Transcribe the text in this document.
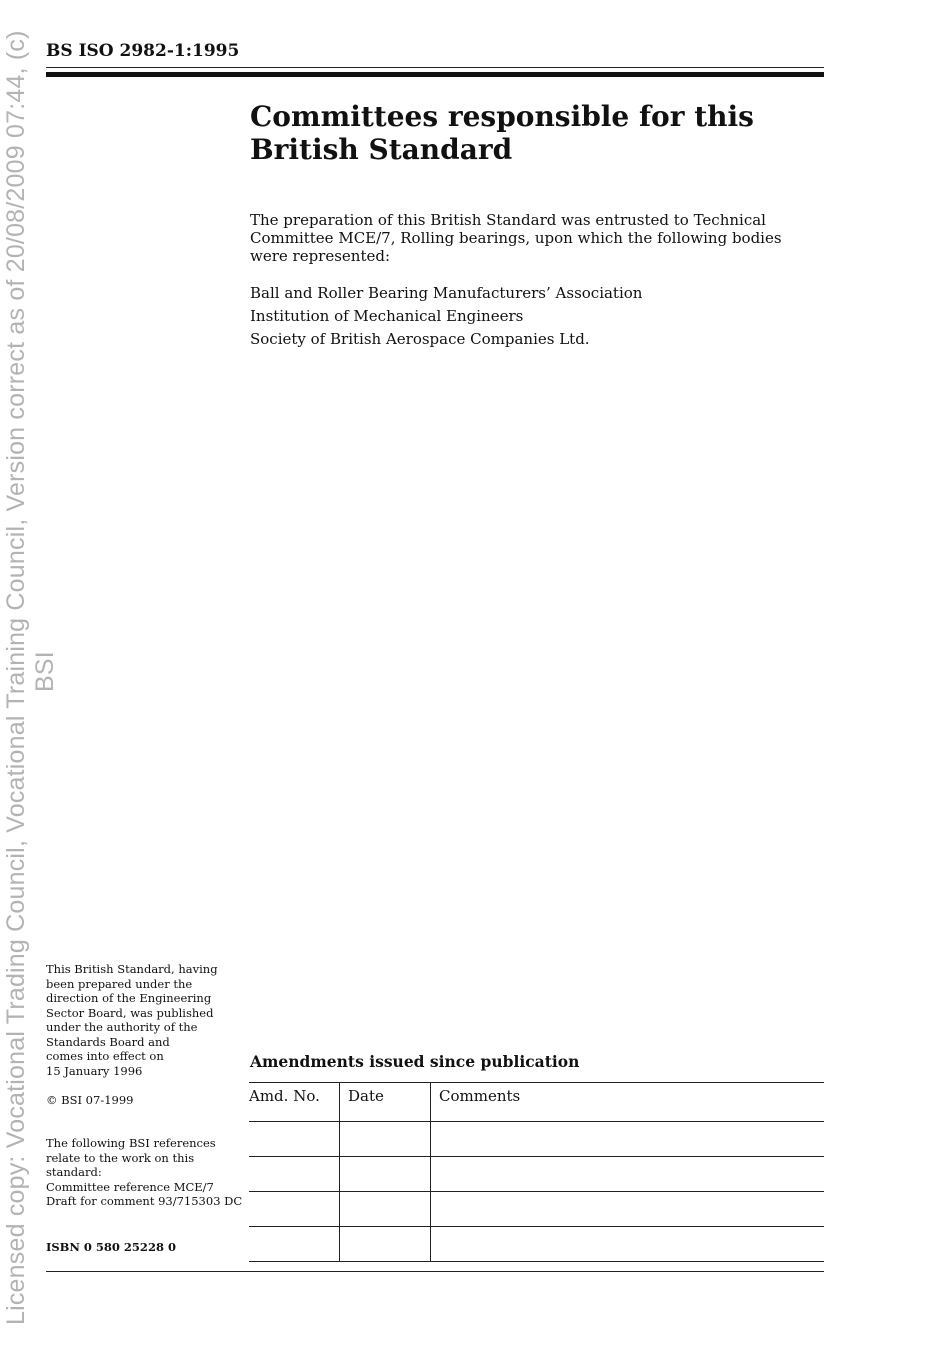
Licensed copy: Vocational Trading Council, Vocational Training Council, Version correct as of 20/08/2009 07:44, (c) BSI
BS ISO 2982-1:1995
Committees responsible for this
British Standard

The preparation of this British Standard was entrusted to Technical Committee MCE/7, Rolling bearings, upon which the following bodies were represented:

Ball and Roller Bearing Manufacturers’ Association
Institution of Mechanical Engineers
Society of British Aerospace Companies Ltd.

This British Standard, having

been prepared under the

direction of the Engineering

Sector Board, was published

under the authority of the

Standards Board and

comes into effect on

15 January 1996

© BSI 07-1999

The following BSI references

relate to the work on this

standard:

Committee reference MCE/7

Draft for comment 93/715303 DC

ISBN 0 580 25228 0
Amendments issued since publication
Amd. No.	Date	Comments
